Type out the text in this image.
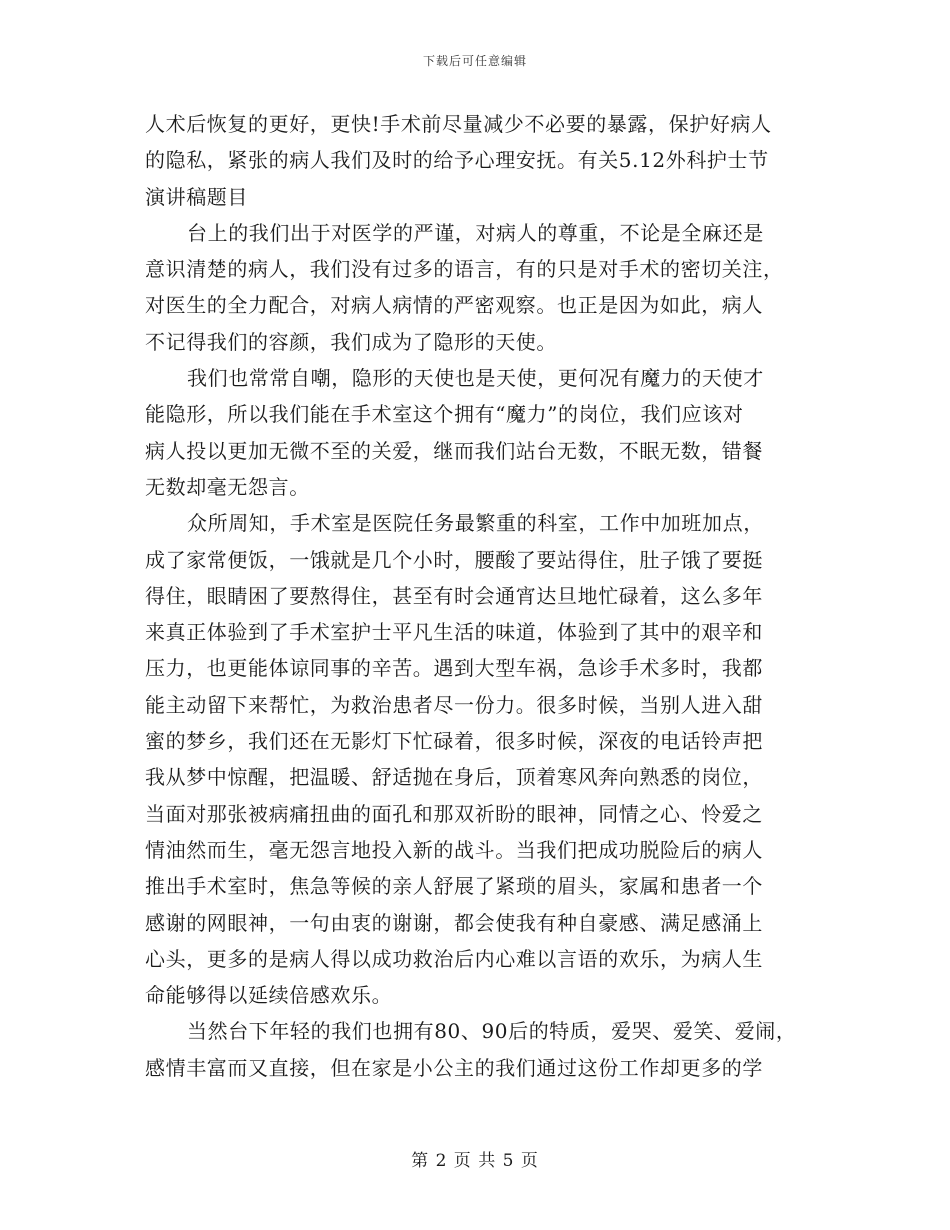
下载后可任意编辑
人术后恢复的更好，更快!手术前尽量减少不必要的暴露，保护好病人
的隐私，紧张的病人我们及时的给予心理安抚。有关5.12外科护士节
演讲稿题目
台上的我们出于对医学的严谨，对病人的尊重，不论是全麻还是
意识清楚的病人，我们没有过多的语言，有的只是对手术的密切关注，
对医生的全力配合，对病人病情的严密观察。也正是因为如此，病人
不记得我们的容颜，我们成为了隐形的天使。
我们也常常自嘲，隐形的天使也是天使，更何况有魔力的天使才
能隐形，所以我们能在手术室这个拥有“魔力”的岗位，我们应该对
病人投以更加无微不至的关爱，继而我们站台无数，不眠无数，错餐
无数却毫无怨言。
众所周知，手术室是医院任务最繁重的科室，工作中加班加点，
成了家常便饭，一饿就是几个小时，腰酸了要站得住，肚子饿了要挺
得住，眼睛困了要熬得住，甚至有时会通宵达旦地忙碌着，这么多年
来真正体验到了手术室护士平凡生活的味道，体验到了其中的艰辛和
压力，也更能体谅同事的辛苦。遇到大型车祸，急诊手术多时，我都
能主动留下来帮忙，为救治患者尽一份力。很多时候，当别人进入甜
蜜的梦乡，我们还在无影灯下忙碌着，很多时候，深夜的电话铃声把
我从梦中惊醒，把温暖、舒适抛在身后，顶着寒风奔向熟悉的岗位，
当面对那张被病痛扭曲的面孔和那双祈盼的眼神，同情之心、怜爱之
情油然而生，毫无怨言地投入新的战斗。当我们把成功脱险后的病人
推出手术室时，焦急等候的亲人舒展了紧琐的眉头，家属和患者一个
感谢的网眼神，一句由衷的谢谢，都会使我有种自豪感、满足感涌上
心头，更多的是病人得以成功救治后内心难以言语的欢乐，为病人生
命能够得以延续倍感欢乐。
当然台下年轻的我们也拥有80、90后的特质，爱哭、爱笑、爱闹，
感情丰富而又直接，但在家是小公主的我们通过这份工作却更多的学
第 2 页 共 5 页
